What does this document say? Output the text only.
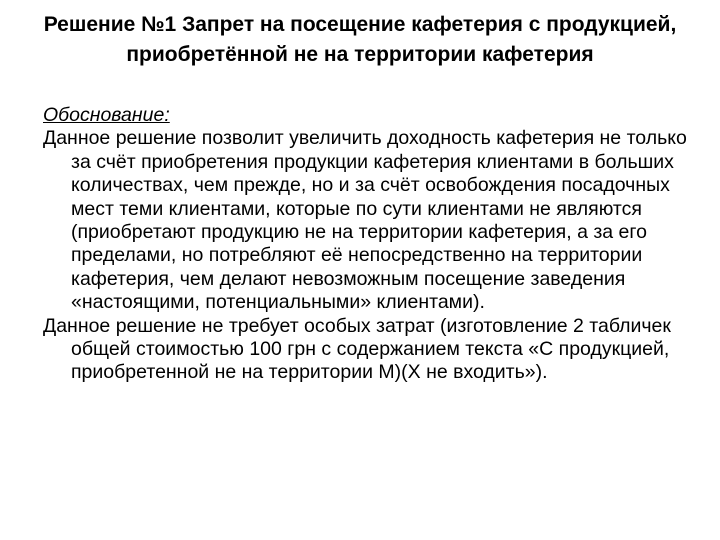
Решение №1 Запрет на посещение кафетерия с продукцией, приобретённой не на территории кафетерия

Обоснование:

Данное решение позволит увеличить доходность кафетерия не только за счёт приобретения продукции кафетерия клиентами в больших количествах, чем прежде, но и за счёт освобождения посадочных мест теми клиентами, которые по сути клиентами не являются (приобретают продукцию не на территории кафетерия, а за его пределами, но потребляют её непосредственно на территории кафетерия, чем делают невозможным посещение заведения «настоящими, потенциальными» клиентами).

Данное решение не требует особых затрат (изготовление 2 табличек общей стоимостью 100 грн с содержанием текста «С продукцией, приобретенной не на территории М)(Х не входить»).
